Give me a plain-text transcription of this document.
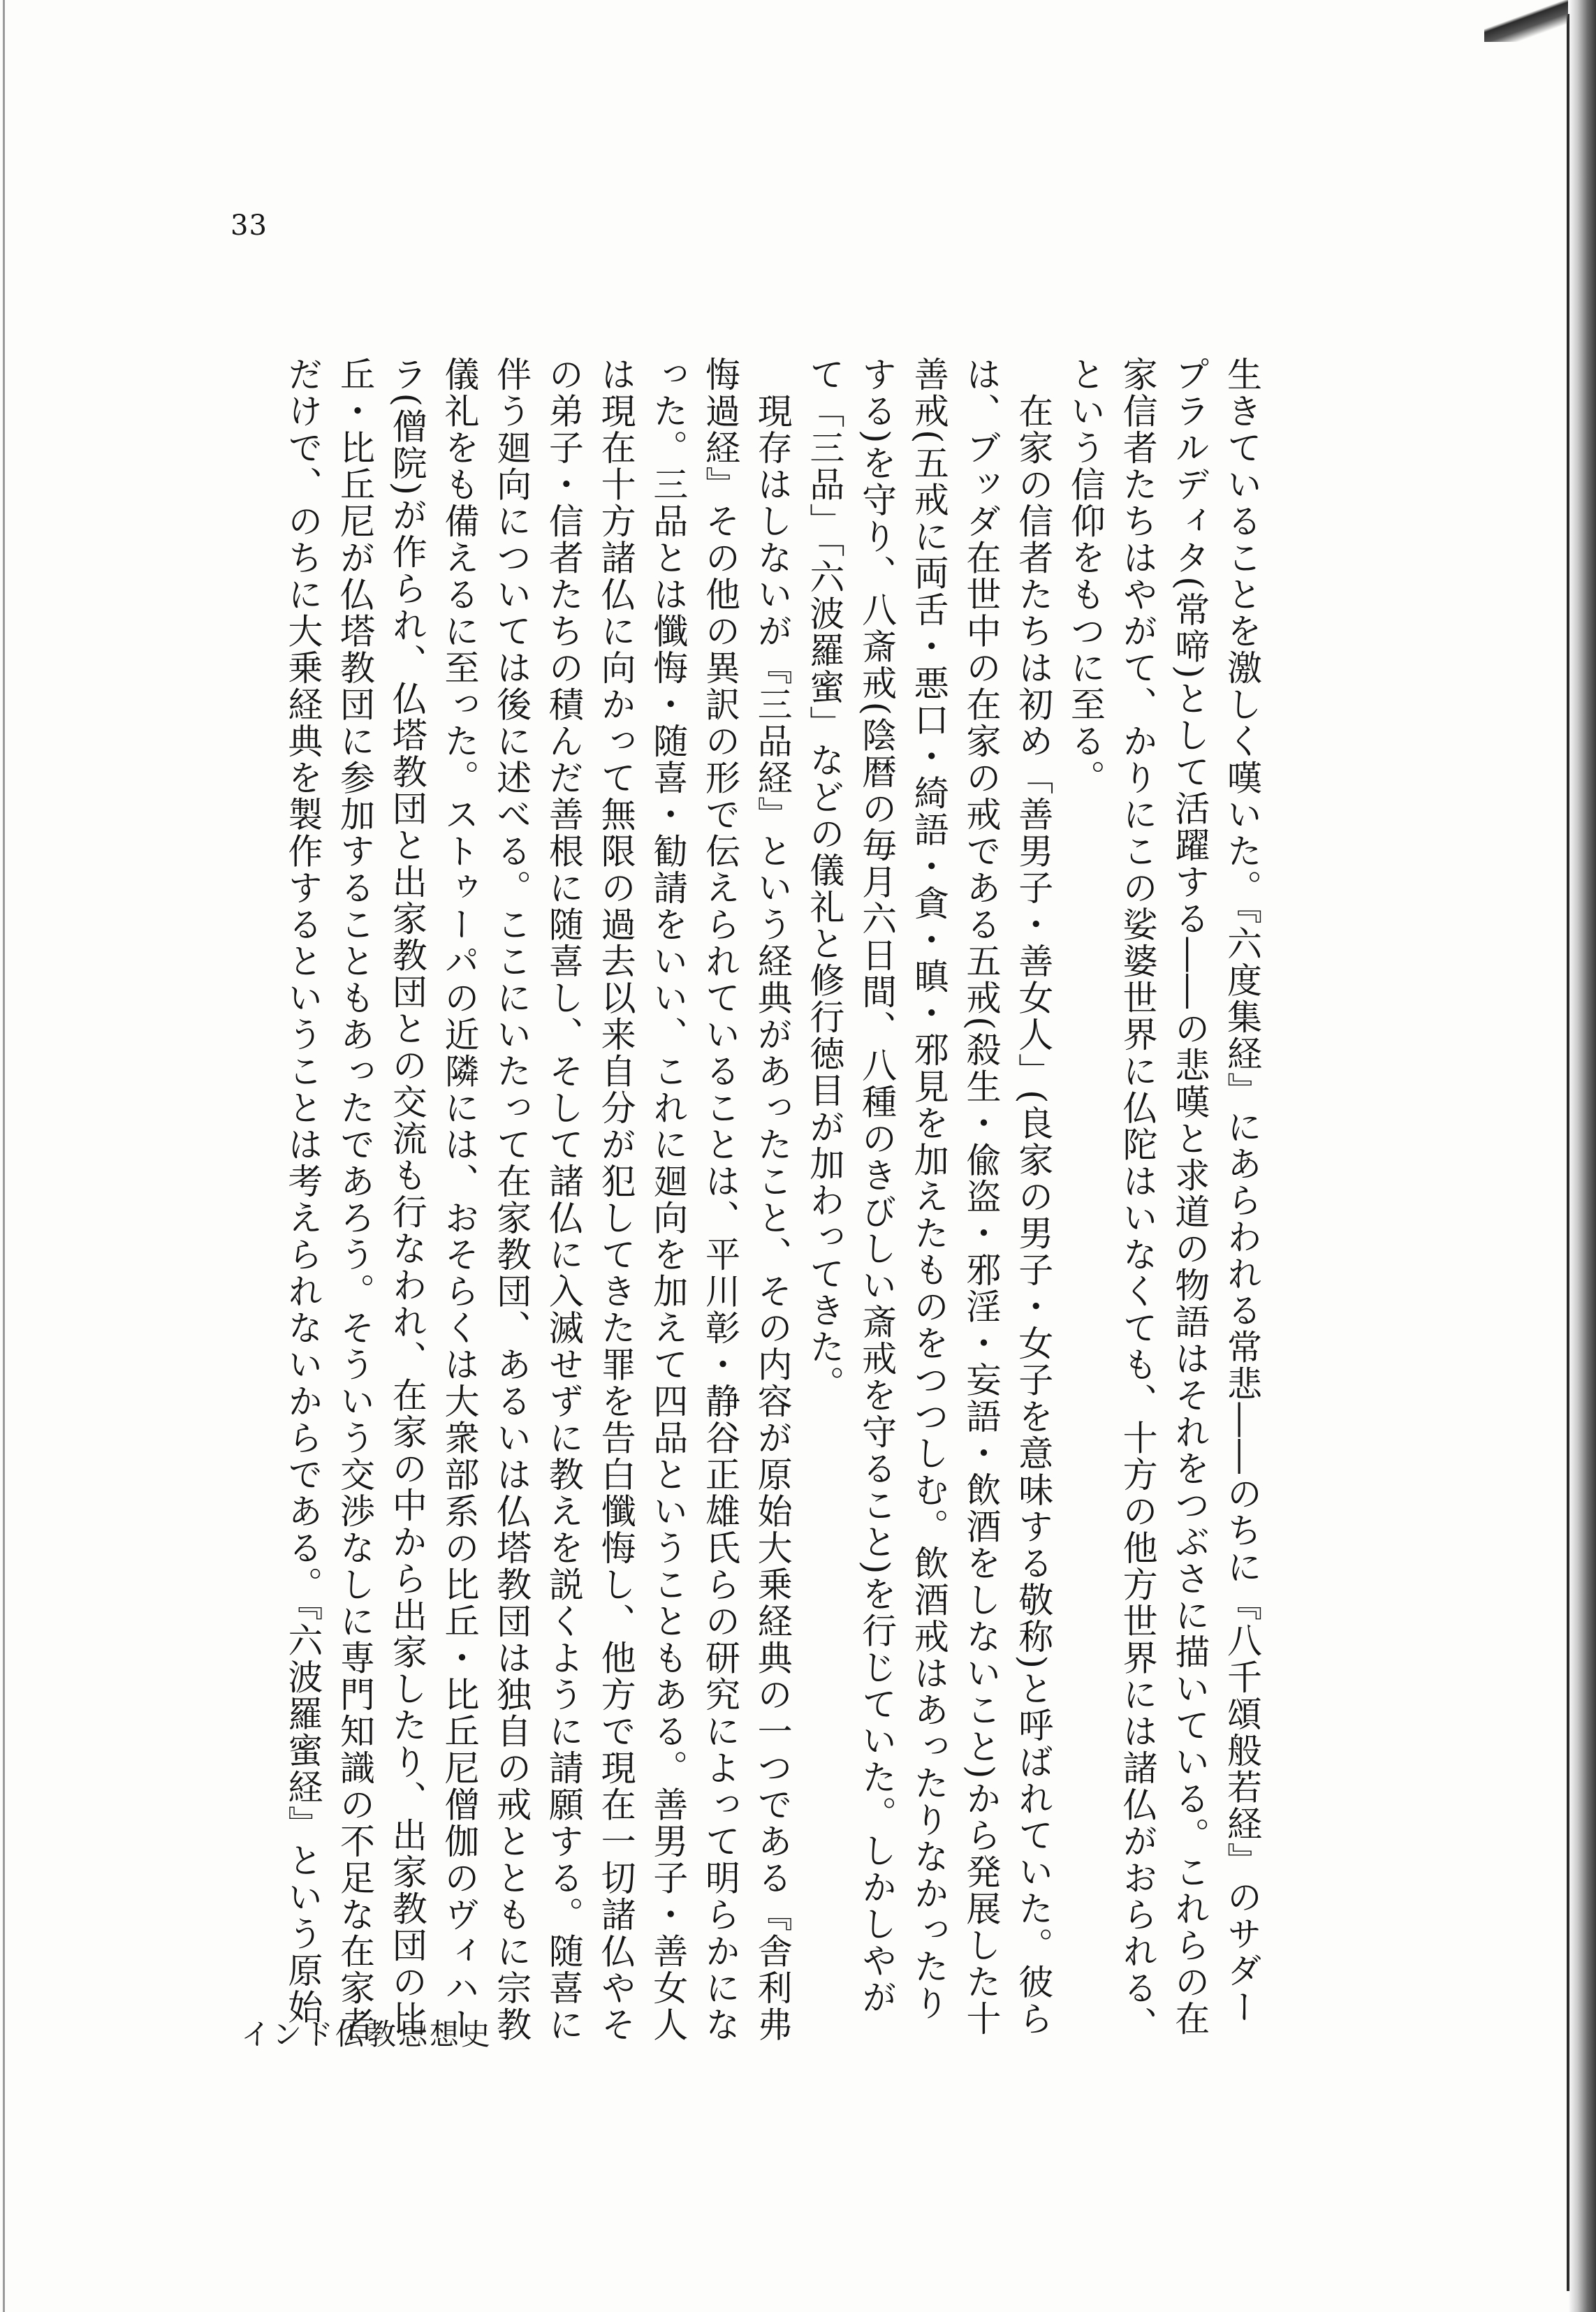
33
生きていることを激しく嘆いた。『六度集経』にあらわれる常悲――のちに『八千頌般若経』のサダー
プラルディタ(常啼)として活躍する――の悲嘆と求道の物語はそれをつぶさに描いている。これらの在
家信者たちはやがて、かりにこの娑婆世界に仏陀はいなくても、十方の他方世界には諸仏がおられる、
という信仰をもつに至る。
在家の信者たちは初め「善男子・善女人」(良家の男子・女子を意味する敬称)と呼ばれていた。彼ら
は、ブッダ在世中の在家の戒である五戒(殺生・偸盗・邪淫・妄語・飲酒をしないこと)から発展した十
善戒(五戒に両舌・悪口・綺語・貪・瞋・邪見を加えたものをつつしむ。飲酒戒はあったりなかったり
する)を守り、八斎戒(陰暦の毎月六日間、八種のきびしい斎戒を守ること)を行じていた。しかしやが
て「三品」「六波羅蜜」などの儀礼と修行徳目が加わってきた。
現存はしないが『三品経』という経典があったこと、その内容が原始大乗経典の一つである『舎利弗
悔過経』その他の異訳の形で伝えられていることは、平川彰・静谷正雄氏らの研究によって明らかにな
った。三品とは懺悔・随喜・勧請をいい、これに廻向を加えて四品ということもある。善男子・善女人
は現在十方諸仏に向かって無限の過去以来自分が犯してきた罪を告白懺悔し、他方で現在一切諸仏やそ
の弟子・信者たちの積んだ善根に随喜し、そして諸仏に入滅せずに教えを説くように請願する。随喜に
伴う廻向については後に述べる。ここにいたって在家教団、あるいは仏塔教団は独自の戒とともに宗教
儀礼をも備えるに至った。ストゥーパの近隣には、おそらくは大衆部系の比丘・比丘尼僧伽のヴィハー
ラ(僧院)が作られ、仏塔教団と出家教団との交流も行なわれ、在家の中から出家したり、出家教団の比
丘・比丘尼が仏塔教団に参加することもあったであろう。そういう交渉なしに専門知識の不足な在家者
だけで、のちに大乗経典を製作するということは考えられないからである。『六波羅蜜経』という原始
インド仏教思想史
